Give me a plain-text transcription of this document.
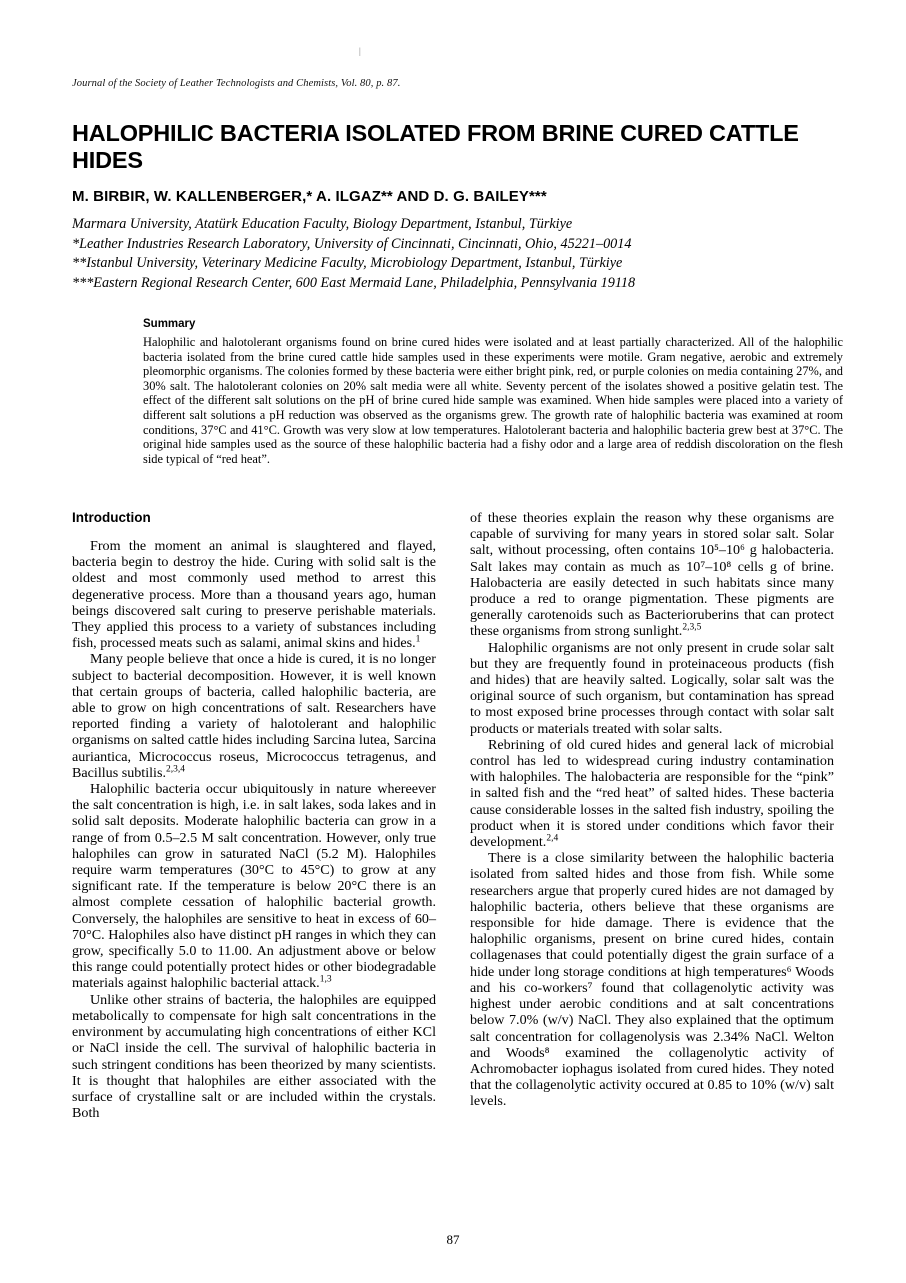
|
Journal of the Society of Leather Technologists and Chemists, Vol. 80, p. 87.
HALOPHILIC BACTERIA ISOLATED FROM BRINE CURED CATTLE HIDES
M. BIRBIR, W. KALLENBERGER,* A. ILGAZ** AND D. G. BAILEY***
Marmara University, Atatürk Education Faculty, Biology Department, Istanbul, Türkiye
*Leather Industries Research Laboratory, University of Cincinnati, Cincinnati, Ohio, 45221–0014
**Istanbul University, Veterinary Medicine Faculty, Microbiology Department, Istanbul, Türkiye
***Eastern Regional Research Center, 600 East Mermaid Lane, Philadelphia, Pennsylvania 19118
Summary
Halophilic and halotolerant organisms found on brine cured hides were isolated and at least partially characterized. All of the halophilic bacteria isolated from the brine cured cattle hide samples used in these experiments were motile. Gram negative, aerobic and extremely pleomorphic organisms. The colonies formed by these bacteria were either bright pink, red, or purple colonies on media containing 27%, and 30% salt. The halotolerant colonies on 20% salt media were all white. Seventy percent of the isolates showed a positive gelatin test. The effect of the different salt solutions on the pH of brine cured hide sample was examined. When hide samples were placed into a variety of different salt solutions a pH reduction was observed as the organisms grew. The growth rate of halophilic bacteria was examined at room conditions, 37°C and 41°C. Growth was very slow at low temperatures. Halotolerant bacteria and halophilic bacteria grew best at 37°C. The original hide samples used as the source of these halophilic bacteria had a fishy odor and a large area of reddish discoloration on the flesh side typical of “red heat”.
Introduction

From the moment an animal is slaughtered and flayed, bacteria begin to destroy the hide. Curing with solid salt is the oldest and most commonly used method to arrest this degenerative process. More than a thousand years ago, human beings discovered salt curing to preserve perishable materials. They applied this process to a variety of substances including fish, processed meats such as salami, animal skins and hides.$^1$

Many people believe that once a hide is cured, it is no longer subject to bacterial decomposition. However, it is well known that certain groups of bacteria, called halophilic bacteria, are able to grow on high concentrations of salt. Researchers have reported finding a variety of halotolerant and halophilic organisms on salted cattle hides including Sarcina lutea, Sarcina auriantica, Micrococcus roseus, Micrococcus tetragenus, and Bacillus subtilis.$^{2,3,4}$

Halophilic bacteria occur ubiquitously in nature whereever the salt concentration is high, i.e. in salt lakes, soda lakes and in solid salt deposits. Moderate halophilic bacteria can grow in a range of from 0.5–2.5 M salt concentration. However, only true halophiles can grow in saturated NaCl (5.2 M). Halophiles require warm temperatures (30°C to 45°C) to grow at any significant rate. If the temperature is below 20°C there is an almost complete cessation of halophilic bacterial growth. Conversely, the halophiles are sensitive to heat in excess of 60–70°C. Halophiles also have distinct pH ranges in which they can grow, specifically 5.0 to 11.00. An adjustment above or below this range could potentially protect hides or other biodegradable materials against halophilic bacterial attack.$^{1,3}$

Unlike other strains of bacteria, the halophiles are equipped metabolically to compensate for high salt concentrations in the environment by accumulating high concentrations of either KCl or NaCl inside the cell. The survival of halophilic bacteria in such stringent conditions has been theorized by many scientists. It is thought that halophiles are either associated with the surface of crystalline salt or are included within the crystals. Both

of these theories explain the reason why these organisms are capable of surviving for many years in stored solar salt. Solar salt, without processing, often contains 10⁵–10⁶ g halobacteria. Salt lakes may contain as much as 10⁷–10⁸ cells g of brine. Halobacteria are easily detected in such habitats since many produce a red to orange pigmentation. These pigments are generally carotenoids such as Bacterioruberins that can protect these organisms from strong sunlight.$^{2,3,5}$

Halophilic organisms are not only present in crude solar salt but they are frequently found in proteinaceous products (fish and hides) that are heavily salted. Logically, solar salt was the original source of such organism, but contamination has spread to most exposed brine processes through contact with solar salt products or materials treated with solar salts.

Rebrining of old cured hides and general lack of microbial control has led to widespread curing industry contamination with halophiles. The halobacteria are responsible for the “pink” in salted fish and the “red heat” of salted hides. These bacteria cause considerable losses in the salted fish industry, spoiling the product when it is stored under conditions which favor their development.$^{2,4}$

There is a close similarity between the halophilic bacteria isolated from salted hides and those from fish. While some researchers argue that properly cured hides are not damaged by halophilic bacteria, others believe that these organisms are responsible for hide damage. There is evidence that the halophilic organisms, present on brine cured hides, contain collagenases that could potentially digest the grain surface of a hide under long storage conditions at high temperatures⁶ Woods and his co-workers⁷ found that collagenolytic activity was highest under aerobic conditions and at salt concentrations below 7.0% (w/v) NaCl. They also explained that the optimum salt concentration for collagenolysis was 2.34% NaCl. Welton and Woods⁸ examined the collagenolytic activity of Achromobacter iophagus isolated from cured hides. They noted that the collagenolytic activity occured at 0.85 to 10% (w/v) salt levels.

87
